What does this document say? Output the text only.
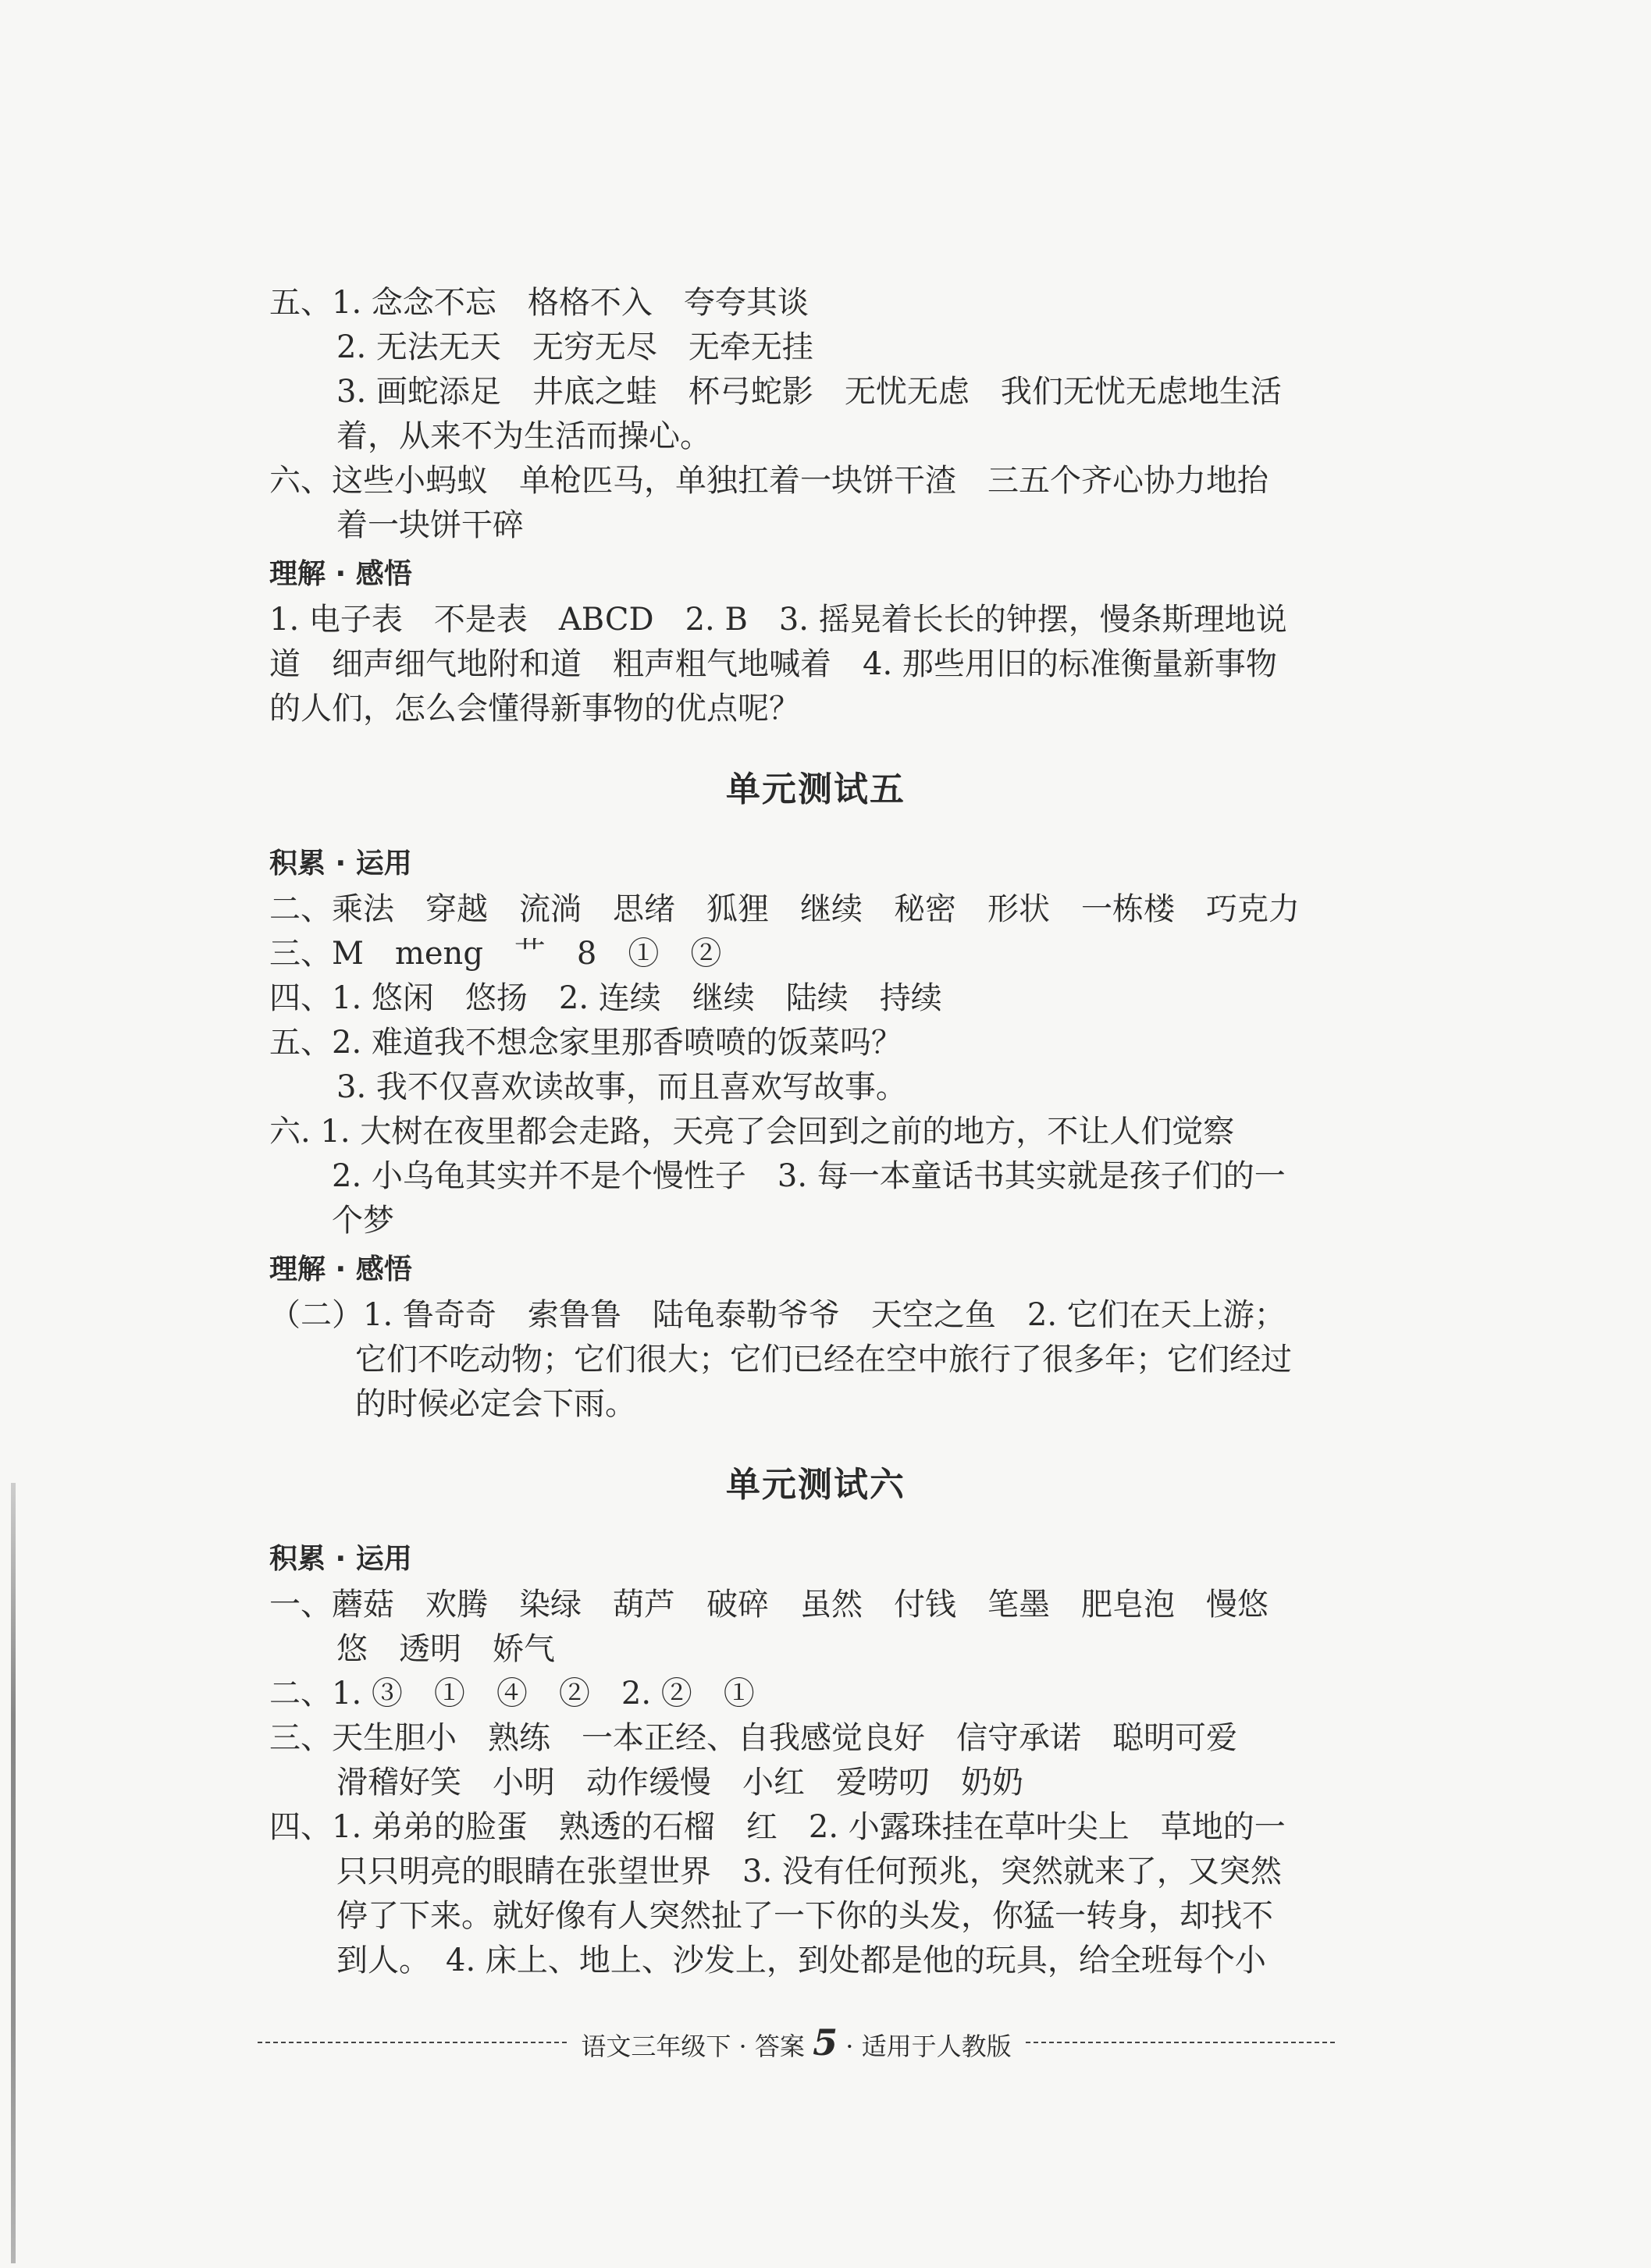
五、1. 念念不忘　格格不入　夸夸其谈
2. 无法无天　无穷无尽　无牵无挂
3. 画蛇添足　井底之蛙　杯弓蛇影　无忧无虑　我们无忧无虑地生活
着，从来不为生活而操心。
六、这些小蚂蚁　单枪匹马，单独扛着一块饼干渣　三五个齐心协力地抬
着一块饼干碎
理解 · 感悟
1. 电子表　不是表　ABCD　2. B　3. 摇晃着长长的钟摆，慢条斯理地说
道　细声细气地附和道　粗声粗气地喊着　4. 那些用旧的标准衡量新事物
的人们，怎么会懂得新事物的优点呢？
单元测试五
积累 · 运用
二、乘法　穿越　流淌　思绪　狐狸　继续　秘密　形状　一栋楼　巧克力
三、M　meng　艹　8　①　②
四、1. 悠闲　悠扬　2. 连续　继续　陆续　持续
五、2. 难道我不想念家里那香喷喷的饭菜吗？
3. 我不仅喜欢读故事，而且喜欢写故事。
六. 1. 大树在夜里都会走路，天亮了会回到之前的地方，不让人们觉察
2. 小乌龟其实并不是个慢性子　3. 每一本童话书其实就是孩子们的一
个梦
理解 · 感悟
（二）1. 鲁奇奇　索鲁鲁　陆龟泰勒爷爷　天空之鱼　2. 它们在天上游；
它们不吃动物；它们很大；它们已经在空中旅行了很多年；它们经过
的时候必定会下雨。
单元测试六
积累 · 运用
一、蘑菇　欢腾　染绿　葫芦　破碎　虽然　付钱　笔墨　肥皂泡　慢悠
悠　透明　娇气
二、1. ③　①　④　②　2. ②　①
三、天生胆小　熟练　一本正经、自我感觉良好　信守承诺　聪明可爱
滑稽好笑　小明　动作缓慢　小红　爱唠叨　奶奶
四、1. 弟弟的脸蛋　熟透的石榴　红　2. 小露珠挂在草叶尖上　草地的一
只只明亮的眼睛在张望世界　3. 没有任何预兆，突然就来了，又突然
停了下来。就好像有人突然扯了一下你的头发，你猛一转身，却找不
到人。　4. 床上、地上、沙发上，到处都是他的玩具，给全班每个小
语文三年级下 · 答案 5 · 适用于人教版
